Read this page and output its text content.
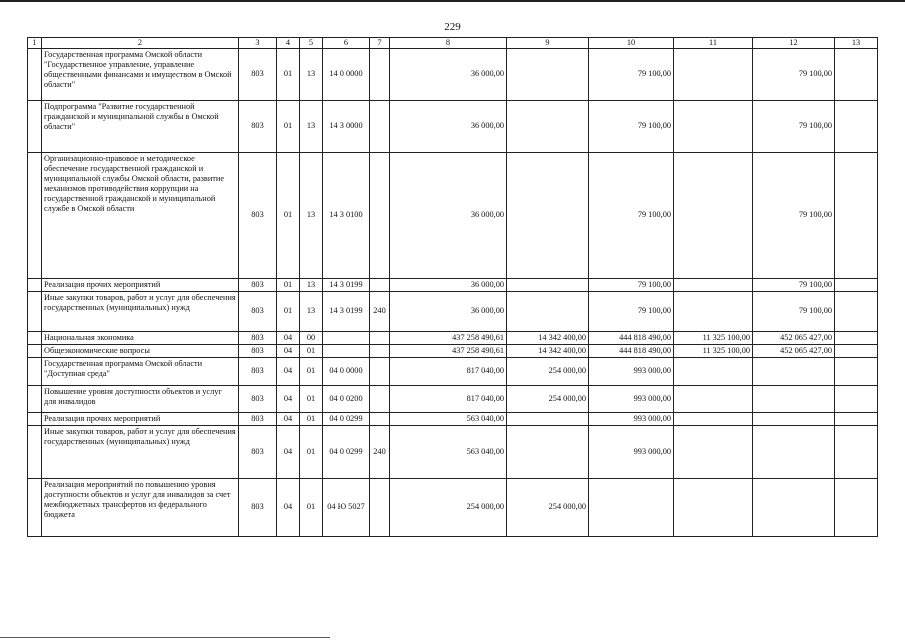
229
1	2	3	4	5	6	7	8	9	10	11	12	13
	Государственная программа Омской области "Государственное управление, управление общественными финансами и имуществом в Омской области"	803	01	13	14 0 0000		36 000,00		79 100,00		79 100,00	
	Подпрограмма "Развитие государственной гражданской и муниципальной службы в Омской области"	803	01	13	14 3 0000		36 000,00		79 100,00		79 100,00	
	Организационно-правовое и методическое обеспечение государственной гражданской и муниципальной службы Омской области, развитие механизмов противодействия коррупции на государственной гражданской и муниципальной службе в Омской области	803	01	13	14 3 0100		36 000,00		79 100,00		79 100,00	
	Реализация прочих мероприятий	803	01	13	14 3 0199		36 000,00		79 100,00		79 100,00	
	Иные закупки товаров, работ и услуг для обеспечения государственных (муниципальных) нужд	803	01	13	14 3 0199	240	36 000,00		79 100,00		79 100,00	
	Национальная экономика	803	04	00			437 258 490,61	14 342 400,00	444 818 490,00	11 325 100,00	452 065 427,00	
	Общеэкономические вопросы	803	04	01			437 258 490,61	14 342 400,00	444 818 490,00	11 325 100,00	452 065 427,00	
	Государственная программа Омской области "Доступная среда"	803	04	01	04 0 0000		817 040,00	254 000,00	993 000,00			
	Повышение уровня доступности объектов и услуг для инвалидов	803	04	01	04 0 0200		817 040,00	254 000,00	993 000,00			
	Реализация прочих мероприятий	803	04	01	04 0 0299		563 040,00		993 000,00			
	Иные закупки товаров, работ и услуг для обеспечения государственных (муниципальных) нужд	803	04	01	04 0 0299	240	563 040,00		993 000,00			
	Реализация мероприятий по повышению уровня доступности объектов и услуг для инвалидов за счет межбюджетных трансфертов из федерального бюджета	803	04	01	04 Ю 5027		254 000,00	254 000,00				
